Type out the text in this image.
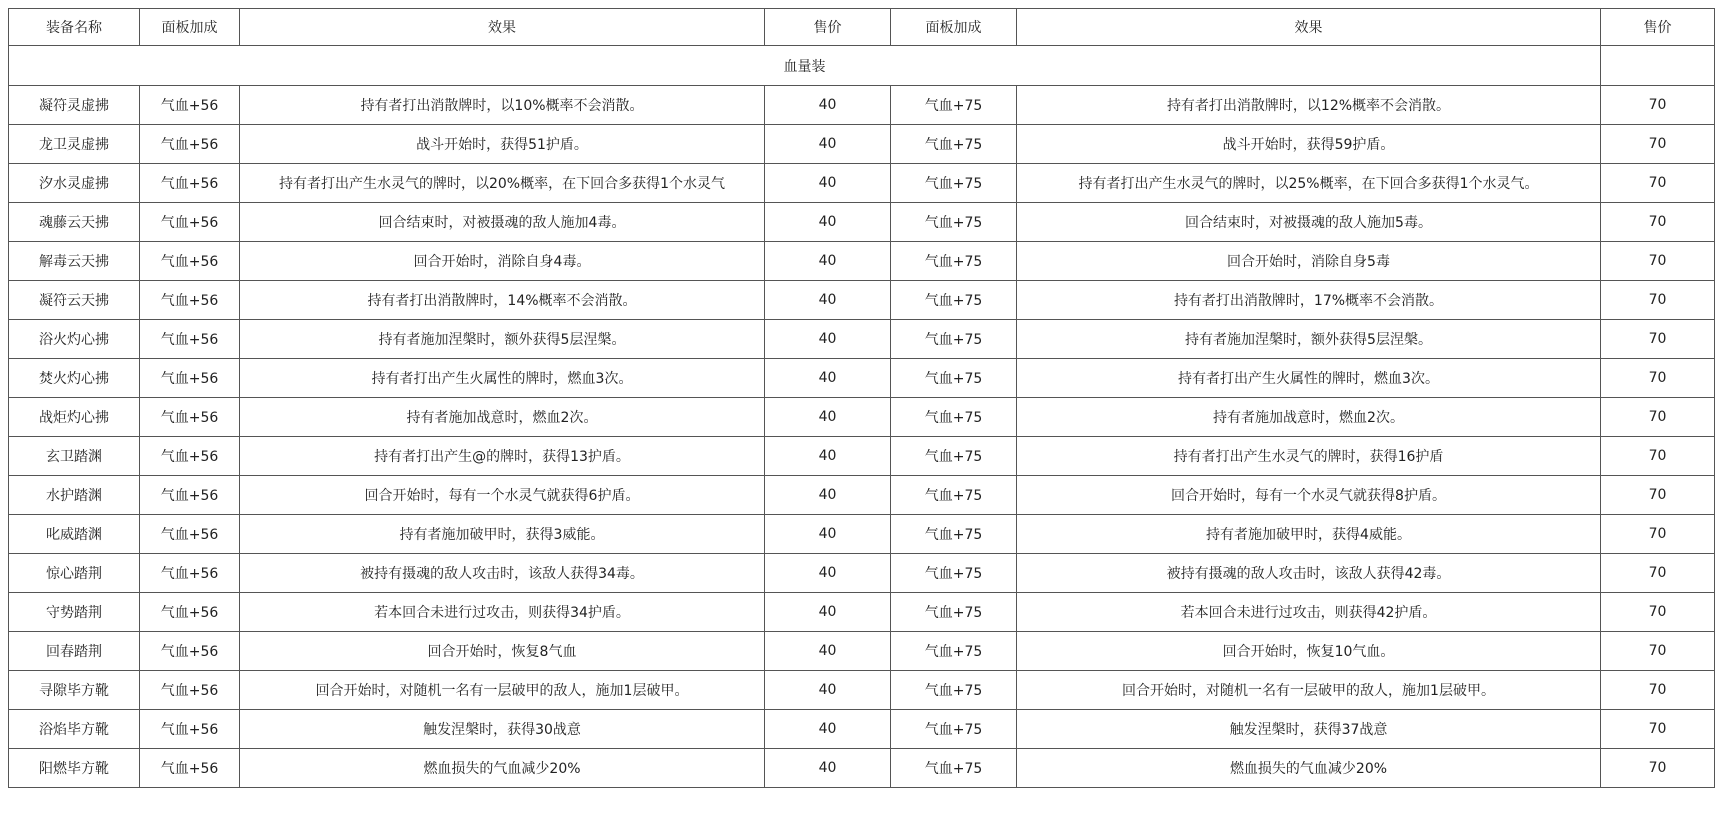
装备名称	面板加成	效果	售价	面板加成	效果	售价
血量装						
凝符灵虚拂	气血+56	持有者打出消散牌时，以10%概率不会消散。	40	气血+75	持有者打出消散牌时，以12%概率不会消散。	70
龙卫灵虚拂	气血+56	战斗开始时，获得51护盾。	40	气血+75	战斗开始时，获得59护盾。	70
汐水灵虚拂	气血+56	持有者打出产生水灵气的牌时，以20%概率，在下回合多获得1个水灵气	40	气血+75	持有者打出产生水灵气的牌时，以25%概率，在下回合多获得1个水灵气。	70
魂藤云天拂	气血+56	回合结束时，对被摄魂的敌人施加4毒。	40	气血+75	回合结束时，对被摄魂的敌人施加5毒。	70
解毒云天拂	气血+56	回合开始时，消除自身4毒。	40	气血+75	回合开始时，消除自身5毒	70
凝符云天拂	气血+56	持有者打出消散牌时，14%概率不会消散。	40	气血+75	持有者打出消散牌时，17%概率不会消散。	70
浴火灼心拂	气血+56	持有者施加涅槃时，额外获得5层涅槃。	40	气血+75	持有者施加涅槃时，额外获得5层涅槃。	70
焚火灼心拂	气血+56	持有者打出产生火属性的牌时，燃血3次。	40	气血+75	持有者打出产生火属性的牌时，燃血3次。	70
战炬灼心拂	气血+56	持有者施加战意时，燃血2次。	40	气血+75	持有者施加战意时，燃血2次。	70
玄卫踏渊	气血+56	持有者打出产生@的牌时，获得13护盾。	40	气血+75	持有者打出产生水灵气的牌时，获得16护盾	70
水护踏渊	气血+56	回合开始时，每有一个水灵气就获得6护盾。	40	气血+75	回合开始时，每有一个水灵气就获得8护盾。	70
叱威踏渊	气血+56	持有者施加破甲时，获得3威能。	40	气血+75	持有者施加破甲时，获得4威能。	70
惊心踏荆	气血+56	被持有摄魂的敌人攻击时，该敌人获得34毒。	40	气血+75	被持有摄魂的敌人攻击时，该敌人获得42毒。	70
守势踏荆	气血+56	若本回合未进行过攻击，则获得34护盾。	40	气血+75	若本回合未进行过攻击，则获得42护盾。	70
回春踏荆	气血+56	回合开始时，恢复8气血	40	气血+75	回合开始时，恢复10气血。	70
寻隙毕方靴	气血+56	回合开始时，对随机一名有一层破甲的敌人，施加1层破甲。	40	气血+75	回合开始时，对随机一名有一层破甲的敌人，施加1层破甲。	70
浴焰毕方靴	气血+56	触发涅槃时，获得30战意	40	气血+75	触发涅槃时，获得37战意	70
阳燃毕方靴	气血+56	燃血损失的气血减少20%	40	气血+75	燃血损失的气血减少20%	70
